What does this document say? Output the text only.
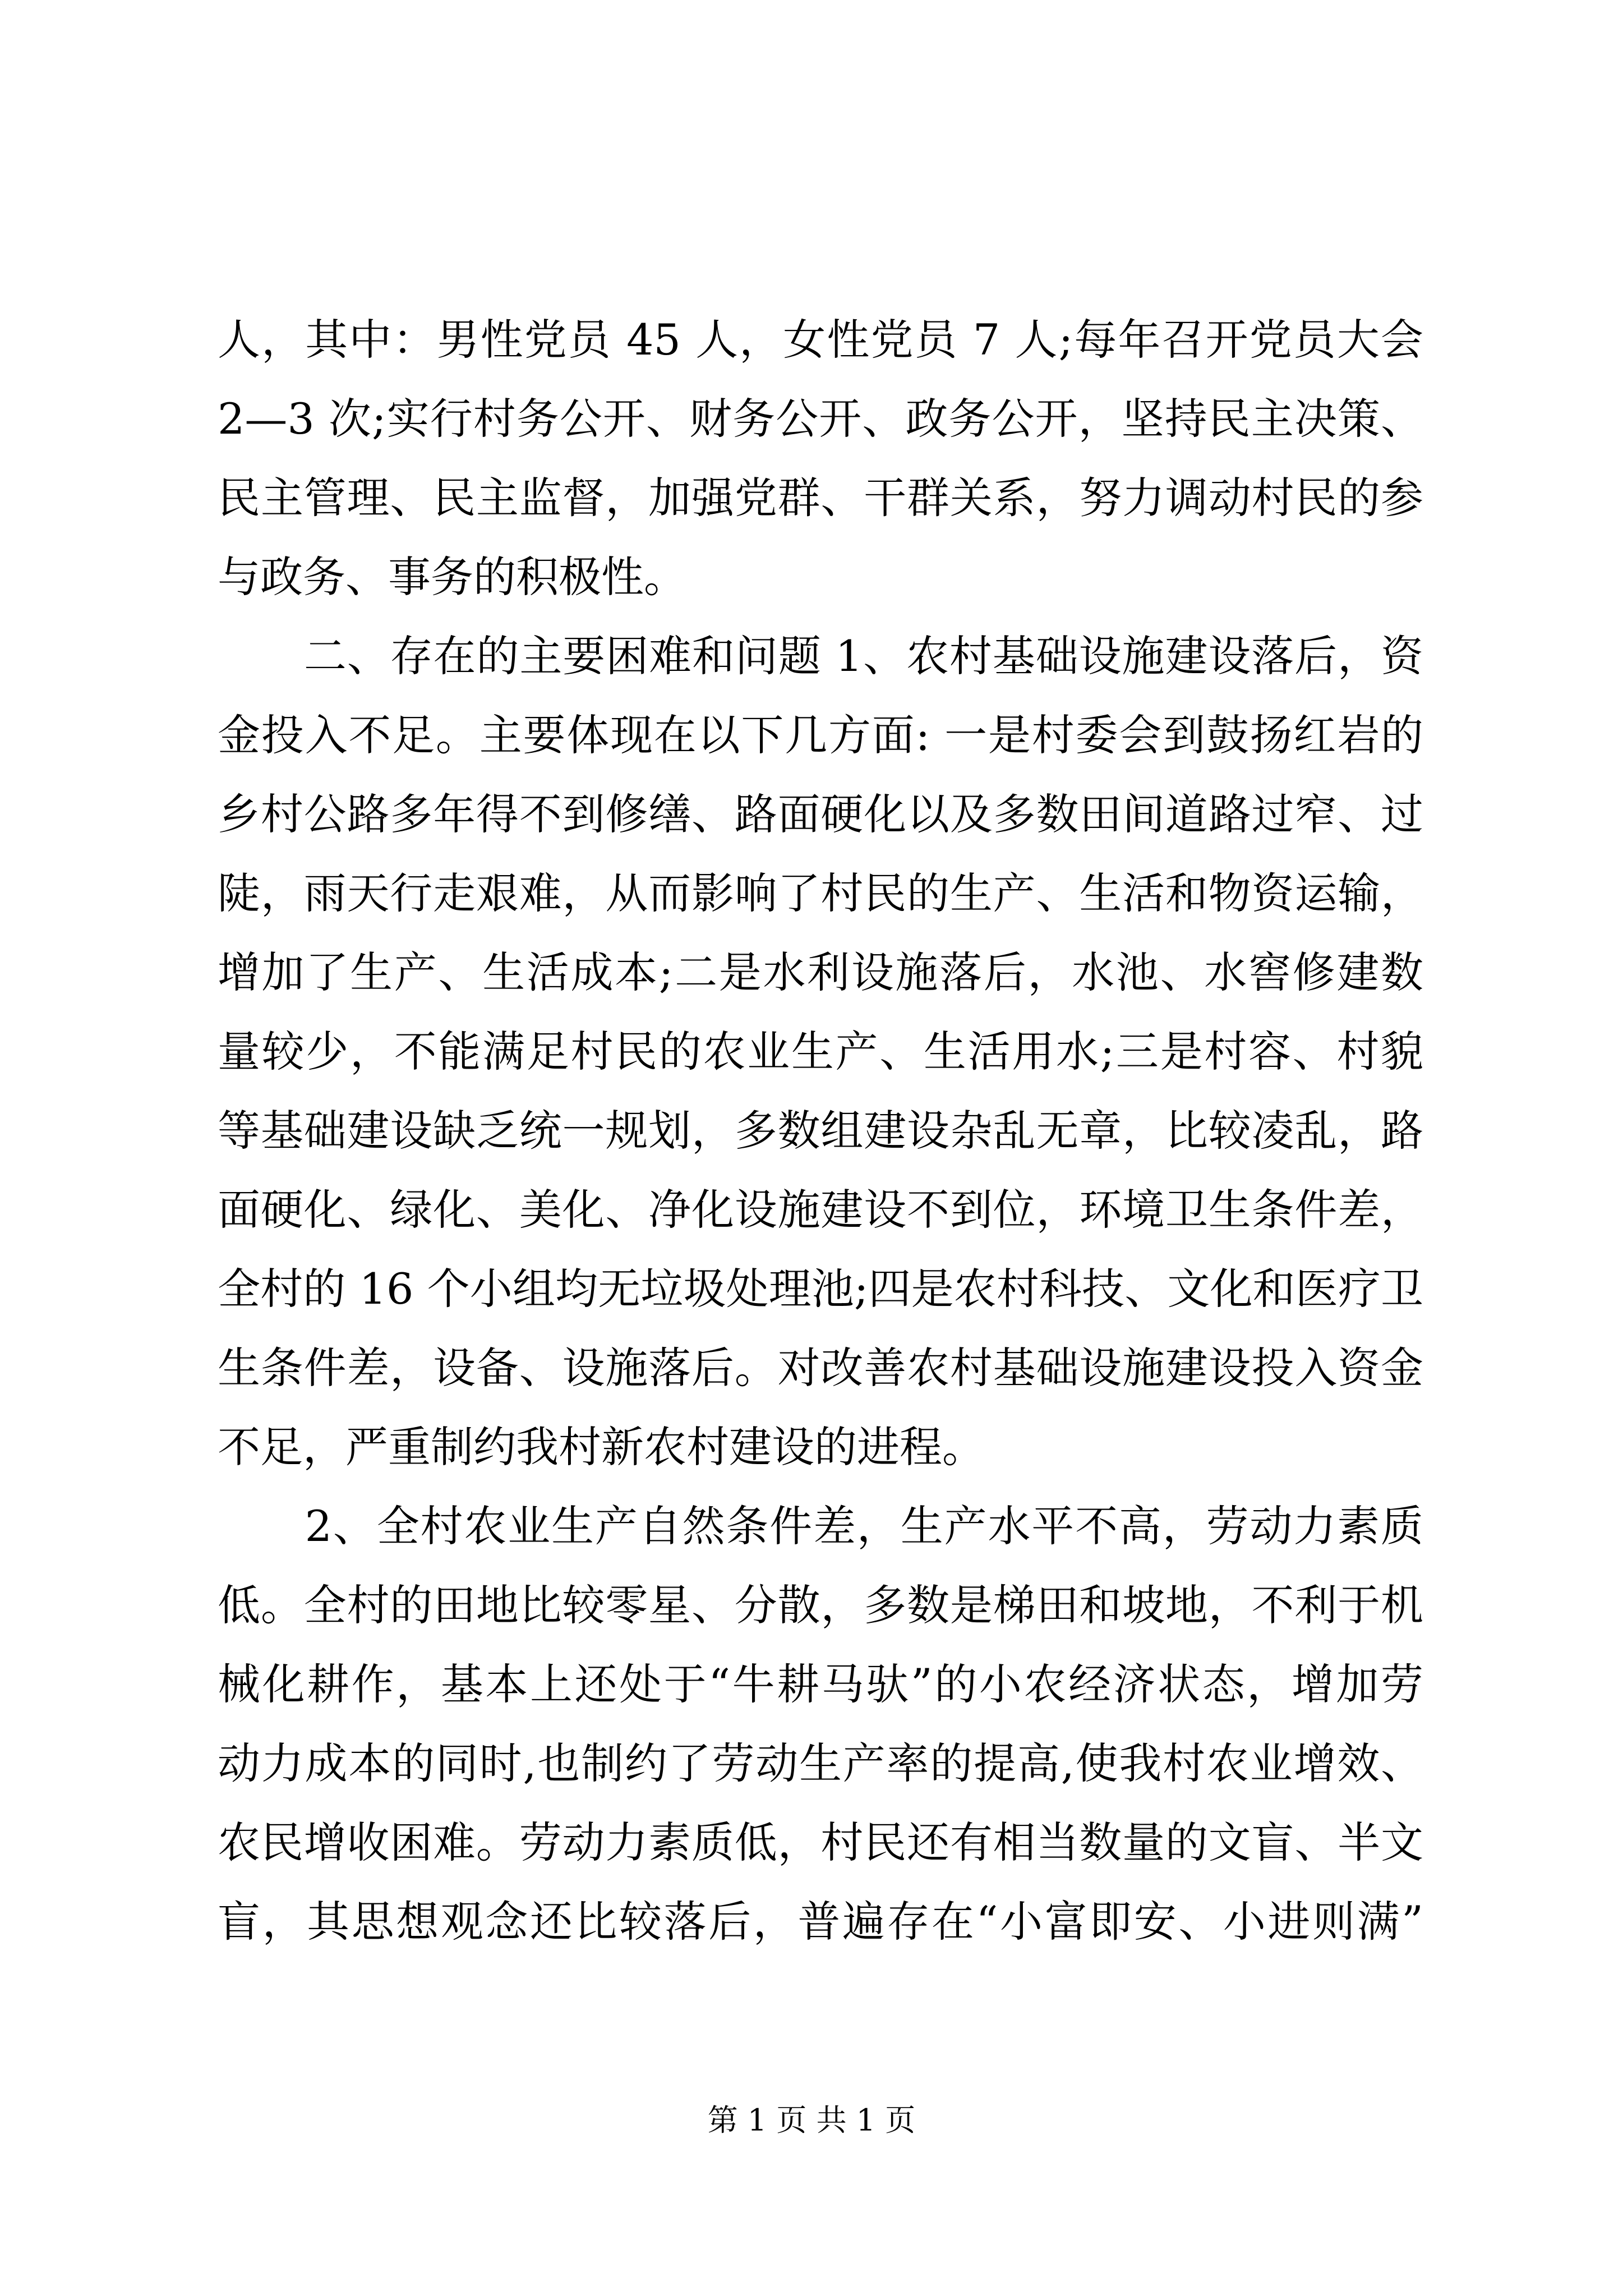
人，其中：男性党员 45 人，女性党员 7 人;每年召开党员大会
2—3 次;实行村务公开、财务公开、政务公开，坚持民主决策、
民主管理、民主监督，加强党群、干群关系，努力调动村民的参
与政务、事务的积极性。
　　二、存在的主要困难和问题 1、农村基础设施建设落后，资
金投入不足。主要体现在以下几方面: 一是村委会到鼓扬红岩的
乡村公路多年得不到修缮、路面硬化以及多数田间道路过窄、过
陡，雨天行走艰难，从而影响了村民的生产、生活和物资运输，
增加了生产、生活成本;二是水利设施落后，水池、水窖修建数
量较少，不能满足村民的农业生产、生活用水;三是村容、村貌
等基础建设缺乏统一规划，多数组建设杂乱无章，比较凌乱，路
面硬化、绿化、美化、净化设施建设不到位，环境卫生条件差，
全村的 16 个小组均无垃圾处理池;四是农村科技、文化和医疗卫
生条件差，设备、设施落后。对改善农村基础设施建设投入资金
不足，严重制约我村新农村建设的进程。
　　2、全村农业生产自然条件差，生产水平不高，劳动力素质
低。全村的田地比较零星、分散，多数是梯田和坡地，不利于机
械化耕作，基本上还处于“牛耕马驮”的小农经济状态，增加劳
动力成本的同时,也制约了劳动生产率的提高,使我村农业增效、
农民增收困难。劳动力素质低，村民还有相当数量的文盲、半文
盲，其思想观念还比较落后，普遍存在“小富即安、小进则满”
第 1 页 共 1 页
